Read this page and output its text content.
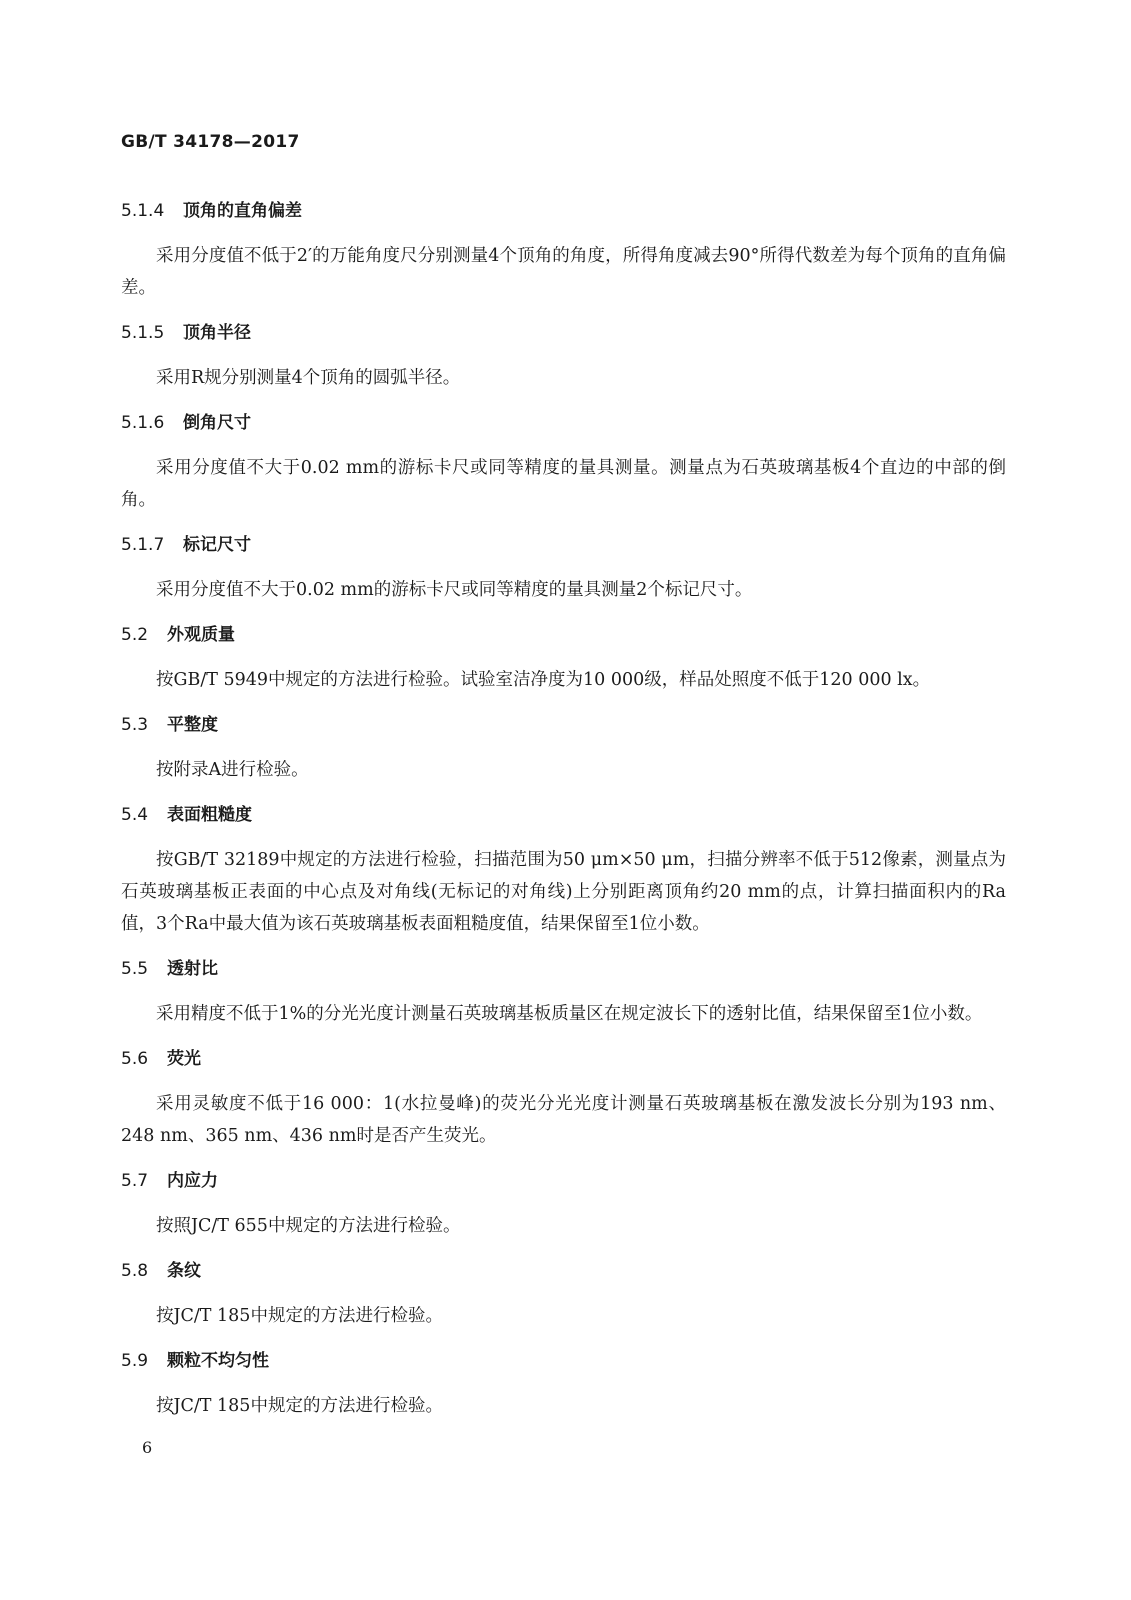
GB/T 34178—2017
5.1.4 顶角的直角偏差

采用分度值不低于2′的万能角度尺分别测量4个顶角的角度，所得角度减去90°所得代数差为每个顶角的直角偏差。

5.1.5 顶角半径

采用R规分别测量4个顶角的圆弧半径。

5.1.6 倒角尺寸

采用分度值不大于0.02 mm的游标卡尺或同等精度的量具测量。测量点为石英玻璃基板4个直边的中部的倒角。

5.1.7 标记尺寸

采用分度值不大于0.02 mm的游标卡尺或同等精度的量具测量2个标记尺寸。

5.2 外观质量

按GB/T 5949中规定的方法进行检验。试验室洁净度为10 000级，样品处照度不低于120 000 lx。

5.3 平整度

按附录A进行检验。

5.4 表面粗糙度

按GB/T 32189中规定的方法进行检验，扫描范围为50 μm×50 μm，扫描分辨率不低于512像素，测量点为石英玻璃基板正表面的中心点及对角线(无标记的对角线)上分别距离顶角约20 mm的点，计算扫描面积内的Ra值，3个Ra中最大值为该石英玻璃基板表面粗糙度值，结果保留至1位小数。

5.5 透射比

采用精度不低于1%的分光光度计测量石英玻璃基板质量区在规定波长下的透射比值，结果保留至1位小数。

5.6 荧光

采用灵敏度不低于16 000：1(水拉曼峰)的荧光分光光度计测量石英玻璃基板在激发波长分别为193 nm、248 nm、365 nm、436 nm时是否产生荧光。

5.7 内应力

按照JC/T 655中规定的方法进行检验。

5.8 条纹

按JC/T 185中规定的方法进行检验。

5.9 颗粒不均匀性

按JC/T 185中规定的方法进行检验。

6
